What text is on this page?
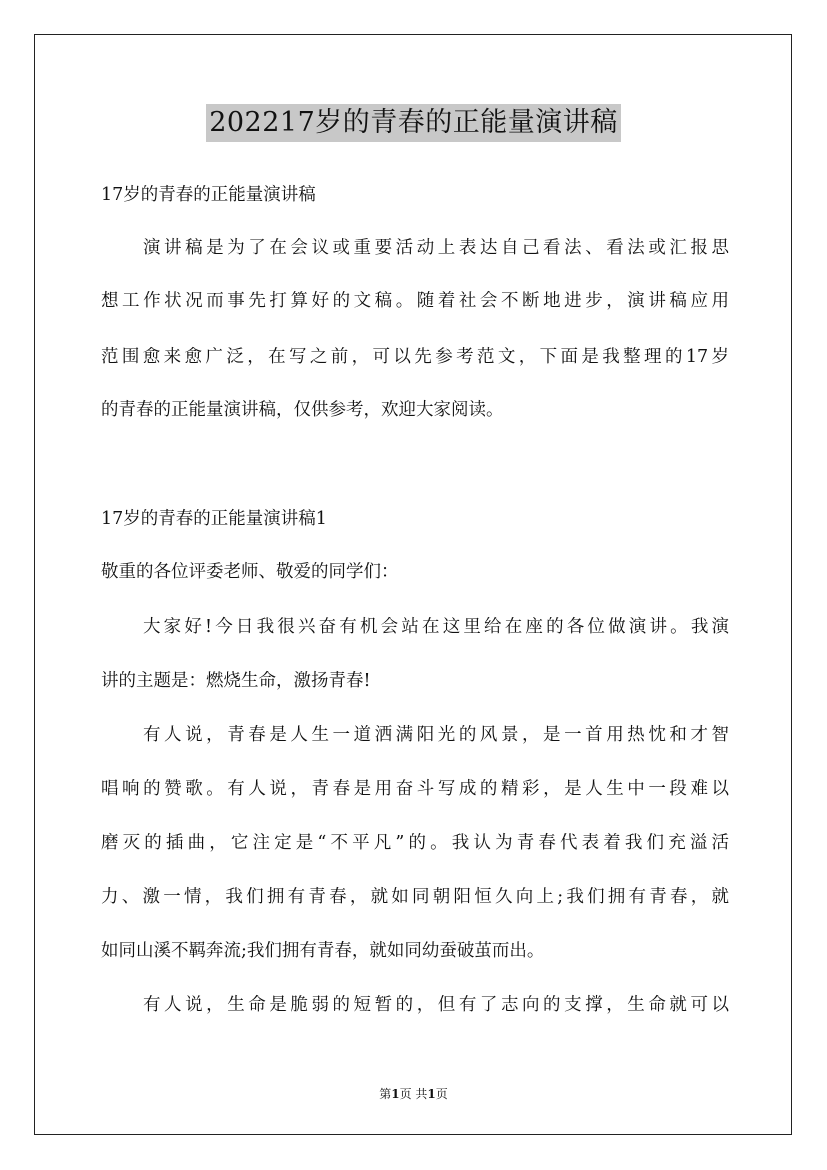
202217岁的青春的正能量演讲稿
17岁的青春的正能量演讲稿
演讲稿是为了在会议或重要活动上表达自己看法、看法或汇报思
想工作状况而事先打算好的文稿。随着社会不断地进步，演讲稿应用
范围愈来愈广泛，在写之前，可以先参考范文，下面是我整理的17岁
的青春的正能量演讲稿，仅供参考，欢迎大家阅读。
17岁的青春的正能量演讲稿1
敬重的各位评委老师、敬爱的同学们：
大家好!今日我很兴奋有机会站在这里给在座的各位做演讲。我演
讲的主题是：燃烧生命，激扬青春!
有人说，青春是人生一道洒满阳光的风景，是一首用热忱和才智
唱响的赞歌。有人说，青春是用奋斗写成的精彩，是人生中一段难以
磨灭的插曲，它注定是“不平凡”的。我认为青春代表着我们充溢活
力、激一情，我们拥有青春，就如同朝阳恒久向上;我们拥有青春，就
如同山溪不羁奔流;我们拥有青春，就如同幼蚕破茧而出。
有人说，生命是脆弱的短暂的，但有了志向的支撑，生命就可以
第1页 共1页
